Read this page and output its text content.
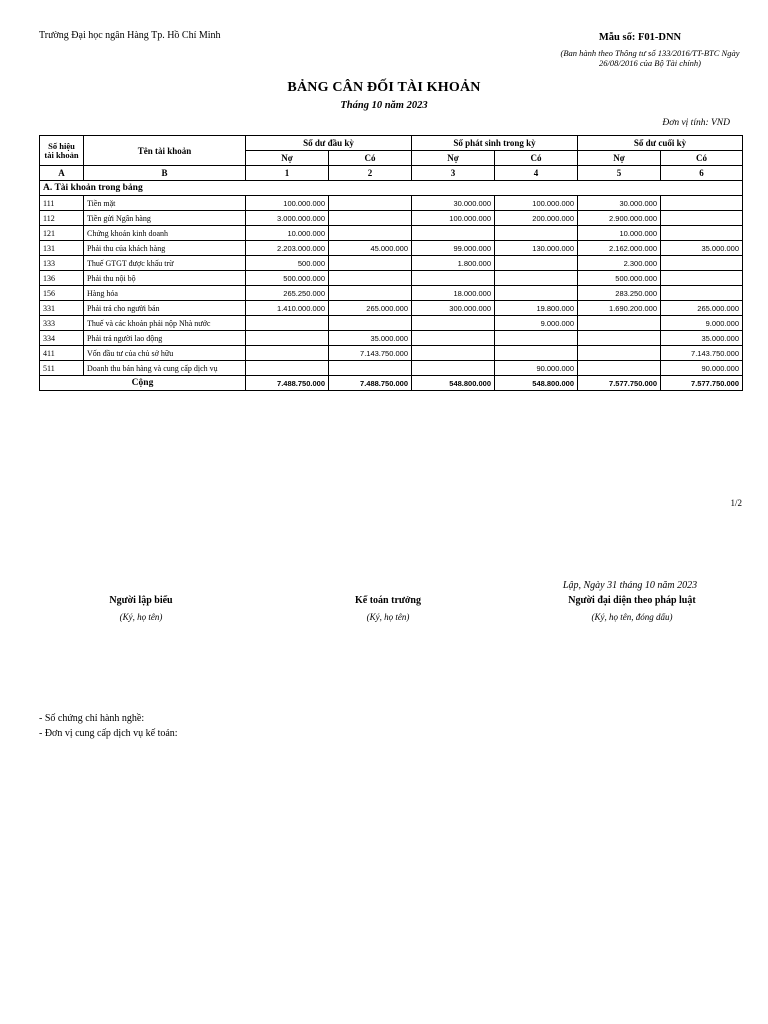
Trường Đại học ngân Hàng Tp. Hồ Chí Minh	Mẫu số: F01-DNN
(Ban hành theo Thông tư số 133/2016/TT-BTC Ngày 26/08/2016 của Bộ Tài chính)
BẢNG CÂN ĐỐI TÀI KHOẢN
Tháng 10 năm 2023
Đơn vị tính: VND
Số hiệu tài khoản	Tên tài khoản	Số dư đầu kỳ		Số phát sinh trong kỳ		Số dư cuối kỳ	
		Nợ	Có	Nợ	Có	Nợ	Có
A	B	1	2	3	4	5	6
A. Tài khoản trong bảng							
111	Tiền mặt	100.000.000		30.000.000	100.000.000	30.000.000	
112	Tiền gửi Ngân hàng	3.000.000.000		100.000.000	200.000.000	2.900.000.000	
121	Chứng khoán kinh doanh	10.000.000				10.000.000	
131	Phải thu của khách hàng	2.203.000.000	45.000.000	99.000.000	130.000.000	2.162.000.000	35.000.000
133	Thuế GTGT được khấu trừ	500.000		1.800.000		2.300.000	
136	Phải thu nội bộ	500.000.000				500.000.000	
156	Hàng hóa	265.250.000		18.000.000		283.250.000	
331	Phải trả cho người bán	1.410.000.000	265.000.000	300.000.000	19.800.000	1.690.200.000	265.000.000
333	Thuế và các khoản phải nộp Nhà nước				9.000.000		9.000.000
334	Phải trả người lao động		35.000.000				35.000.000
411	Vốn đầu tư của chủ sở hữu		7.143.750.000				7.143.750.000
511	Doanh thu bán hàng và cung cấp dịch vụ				90.000.000		90.000.000
Cộng		7.488.750.000	7.488.750.000	548.800.000	548.800.000	7.577.750.000	7.577.750.000
1/2
Lập, Ngày 31 tháng 10 năm 2023
Người lập biểu
(Ký, họ tên)
Kế toán trưởng
(Ký, họ tên)
Người đại diện theo pháp luật
(Ký, họ tên, đóng dấu)
- Số chứng chỉ hành nghề:
- Đơn vị cung cấp dịch vụ kế toán:
